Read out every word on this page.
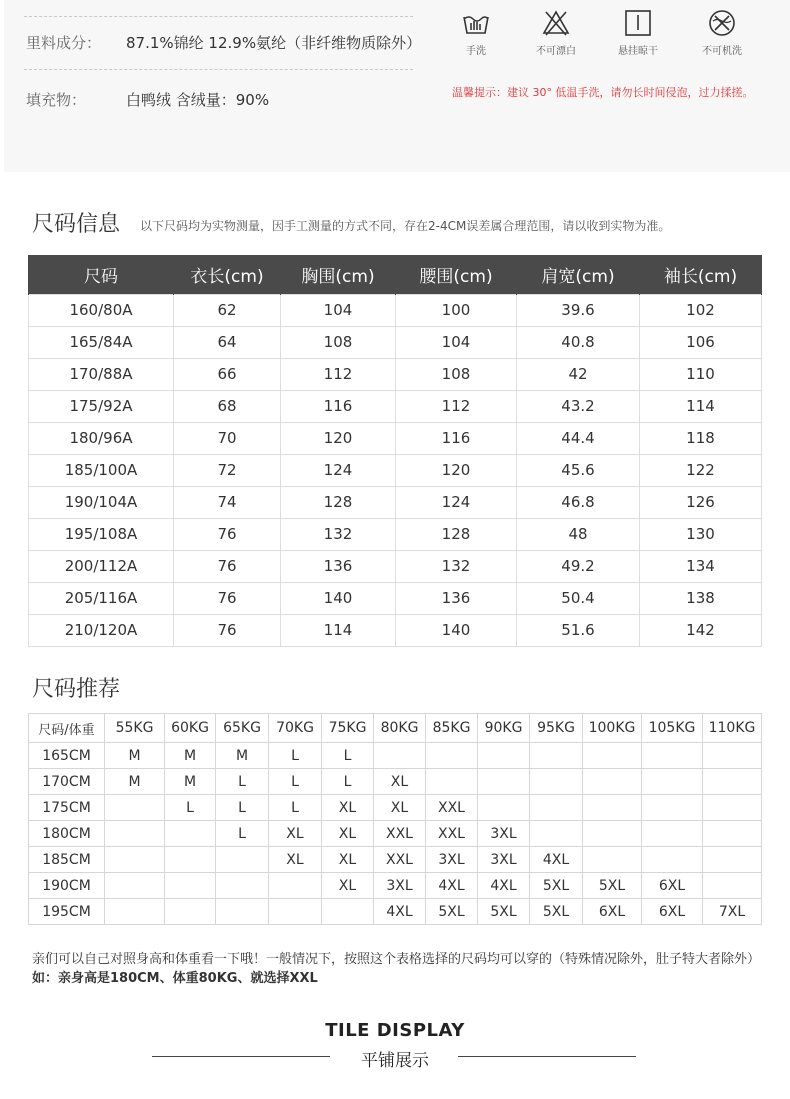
里料成分： 87.1%锦纶 12.9%氨纶（非纤维物质除外）
填充物：	白鸭绒 含绒量：90%
手洗	不可漂白	悬挂晾干	不可机洗
温馨提示：建议 30° 低温手洗，请勿长时间侵泡，过力揉搓。
尺码信息 以下尺码均为实物测量，因手工测量的方式不同，存在2-4CM误差属合理范围，请以收到实物为准。
尺码	衣长(cm)	胸围(cm)	腰围(cm)	肩宽(cm)	袖长(cm)
160/80A	62	104	100	39.6	102
165/84A	64	108	104	40.8	106
170/88A	66	112	108	42	110
175/92A	68	116	112	43.2	114
180/96A	70	120	116	44.4	118
185/100A	72	124	120	45.6	122
190/104A	74	128	124	46.8	126
195/108A	76	132	128	48	130
200/112A	76	136	132	49.2	134
205/116A	76	140	136	50.4	138
210/120A	76	114	140	51.6	142
尺码推荐
尺码/体重	55KG	60KG	65KG	70KG	75KG	80KG	85KG	90KG	95KG	100KG	105KG	110KG
165CM	M	M	M	L	L							
170CM	M	M	L	L	L	XL						
175CM		L	L	L	XL	XL	XXL					
180CM			L	XL	XL	XXL	XXL	3XL				
185CM				XL	XL	XXL	3XL	3XL	4XL			
190CM					XL	3XL	4XL	4XL	5XL	5XL	6XL	
195CM						4XL	5XL	5XL	5XL	6XL	6XL	7XL
亲们可以自己对照身高和体重看一下哦！一般情况下，按照这个表格选择的尺码均可以穿的（特殊情况除外，肚子特大者除外）
如：亲身高是180CM、体重80KG、就选择XXL
TILE DISPLAY
平铺展示
